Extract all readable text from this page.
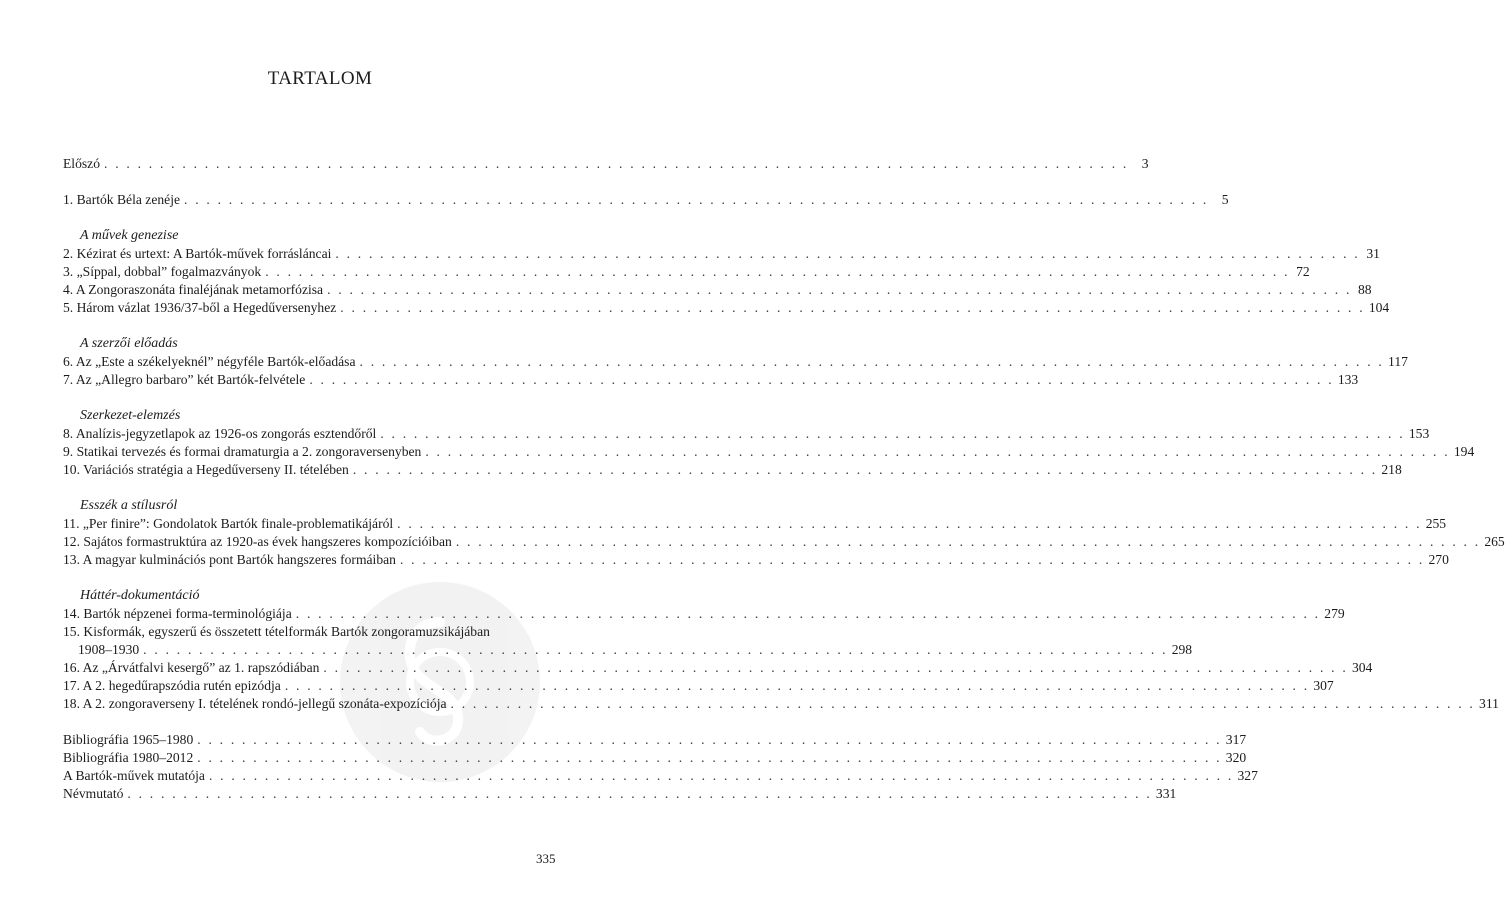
TARTALOM
Előszó . . . . . . . . . . . . . . . . . . . . . . . . . . . . . . . . . . . . . . . . . . . . . . . . . . . . . . . . . . . . . . . . . . . . . . . . . . . . . . . . . . . . . . . . . . . . 3
1. Bartók Béla zenéje . . . . . . . . . . . . . . . . . . . . . . . . . . . . . . . . . . . . . . . . . . . . . . . . . . . . . . . . . . . . . . . . . . . . . . . . . . . . . . . . . . . . . . . . . . . . 5
A művek genezise
2. Kézirat és urtext: A Bartók-művek forrásláncai . . . . . . . . . . . . . . . . . . . . . . . . . . . . . . . . . . . . . . . . . . . . . . . . . . . . . . . . . . . . . . . . . . . . . . . . . . . . . . . . . . . . . . . . . . . . 31
3. „Síppal, dobbal” fogalmazványok . . . . . . . . . . . . . . . . . . . . . . . . . . . . . . . . . . . . . . . . . . . . . . . . . . . . . . . . . . . . . . . . . . . . . . . . . . . . . . . . . . . . . . . . . . . . 72
4. A Zongoraszonáta finaléjának metamorfózisa . . . . . . . . . . . . . . . . . . . . . . . . . . . . . . . . . . . . . . . . . . . . . . . . . . . . . . . . . . . . . . . . . . . . . . . . . . . . . . . . . . . . . . . . . . . . 88
5. Három vázlat 1936/37-ből a Hegedűversenyhez . . . . . . . . . . . . . . . . . . . . . . . . . . . . . . . . . . . . . . . . . . . . . . . . . . . . . . . . . . . . . . . . . . . . . . . . . . . . . . . . . . . . . . . . . . . . 104
A szerzői előadás
6. Az „Este a székelyeknél” négyféle Bartók-előadása . . . . . . . . . . . . . . . . . . . . . . . . . . . . . . . . . . . . . . . . . . . . . . . . . . . . . . . . . . . . . . . . . . . . . . . . . . . . . . . . . . . . . . . . . . . . 117
7. Az „Allegro barbaro” két Bartók-felvétele . . . . . . . . . . . . . . . . . . . . . . . . . . . . . . . . . . . . . . . . . . . . . . . . . . . . . . . . . . . . . . . . . . . . . . . . . . . . . . . . . . . . . . . . . . . . 133
Szerkezet-elemzés
8. Analízis-jegyzetlapok az 1926-os zongorás esztendőről . . . . . . . . . . . . . . . . . . . . . . . . . . . . . . . . . . . . . . . . . . . . . . . . . . . . . . . . . . . . . . . . . . . . . . . . . . . . . . . . . . . . . . . . . . . . 153
9. Statikai tervezés és formai dramaturgia a 2. zongoraversenyben . . . . . . . . . . . . . . . . . . . . . . . . . . . . . . . . . . . . . . . . . . . . . . . . . . . . . . . . . . . . . . . . . . . . . . . . . . . . . . . . . . . . . . . . . . . . 194
10. Variációs stratégia a Hegedűverseny II. tételében . . . . . . . . . . . . . . . . . . . . . . . . . . . . . . . . . . . . . . . . . . . . . . . . . . . . . . . . . . . . . . . . . . . . . . . . . . . . . . . . . . . . . . . . . . . . 218
Esszék a stílusról
11. „Per finire”: Gondolatok Bartók finale-problematikájáról . . . . . . . . . . . . . . . . . . . . . . . . . . . . . . . . . . . . . . . . . . . . . . . . . . . . . . . . . . . . . . . . . . . . . . . . . . . . . . . . . . . . . . . . . . . . 255
12. Sajátos formastruktúra az 1920-as évek hangszeres kompozícióiban . . . . . . . . . . . . . . . . . . . . . . . . . . . . . . . . . . . . . . . . . . . . . . . . . . . . . . . . . . . . . . . . . . . . . . . . . . . . . . . . . . . . . . . . . . . . 265
13. A magyar kulminációs pont Bartók hangszeres formáiban . . . . . . . . . . . . . . . . . . . . . . . . . . . . . . . . . . . . . . . . . . . . . . . . . . . . . . . . . . . . . . . . . . . . . . . . . . . . . . . . . . . . . . . . . . . . 270
Háttér-dokumentáció
14. Bartók népzenei forma-terminológiája . . . . . . . . . . . . . . . . . . . . . . . . . . . . . . . . . . . . . . . . . . . . . . . . . . . . . . . . . . . . . . . . . . . . . . . . . . . . . . . . . . . . . . . . . . . . 279
15. Kisformák, egyszerű és összetett tételformák Bartók zongoramuzsikájában
1908–1930 . . . . . . . . . . . . . . . . . . . . . . . . . . . . . . . . . . . . . . . . . . . . . . . . . . . . . . . . . . . . . . . . . . . . . . . . . . . . . . . . . . . . . . . . . . . . 298
16. Az „Árvátfalvi kesergő” az 1. rapszódiában . . . . . . . . . . . . . . . . . . . . . . . . . . . . . . . . . . . . . . . . . . . . . . . . . . . . . . . . . . . . . . . . . . . . . . . . . . . . . . . . . . . . . . . . . . . . 304
17. A 2. hegedűrapszódia rutén epizódja . . . . . . . . . . . . . . . . . . . . . . . . . . . . . . . . . . . . . . . . . . . . . . . . . . . . . . . . . . . . . . . . . . . . . . . . . . . . . . . . . . . . . . . . . . . . 307
18. A 2. zongoraverseny I. tételének rondó-jellegű szonáta-expozíciója . . . . . . . . . . . . . . . . . . . . . . . . . . . . . . . . . . . . . . . . . . . . . . . . . . . . . . . . . . . . . . . . . . . . . . . . . . . . . . . . . . . . . . . . . . . . 311
Bibliográfia 1965–1980 . . . . . . . . . . . . . . . . . . . . . . . . . . . . . . . . . . . . . . . . . . . . . . . . . . . . . . . . . . . . . . . . . . . . . . . . . . . . . . . . . . . . . . . . . . . . 317
Bibliográfia 1980–2012 . . . . . . . . . . . . . . . . . . . . . . . . . . . . . . . . . . . . . . . . . . . . . . . . . . . . . . . . . . . . . . . . . . . . . . . . . . . . . . . . . . . . . . . . . . . . 320
A Bartók-művek mutatója . . . . . . . . . . . . . . . . . . . . . . . . . . . . . . . . . . . . . . . . . . . . . . . . . . . . . . . . . . . . . . . . . . . . . . . . . . . . . . . . . . . . . . . . . . . . 327
Névmutató . . . . . . . . . . . . . . . . . . . . . . . . . . . . . . . . . . . . . . . . . . . . . . . . . . . . . . . . . . . . . . . . . . . . . . . . . . . . . . . . . . . . . . . . . . . . 331
335
